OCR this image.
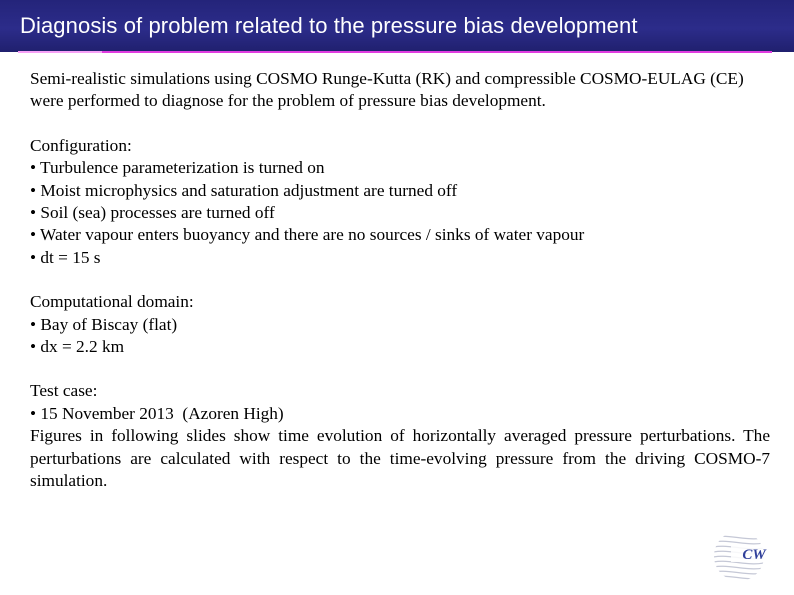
Diagnosis of problem related to the pressure bias development

Semi-realistic simulations using COSMO Runge-Kutta (RK) and compressible COSMO-EULAG (CE) were performed to diagnose for the problem of pressure bias development.

Configuration:
• Turbulence parameterization is turned on
• Moist microphysics and saturation adjustment are turned off
• Soil (sea) processes are turned off
• Water vapour enters buoyancy and there are no sources / sinks of water vapour
• dt = 15 s
Computational domain:
• Bay of Biscay (flat)
• dx = 2.2 km
Test case:
• 15 November 2013  (Azoren High)

Figures in following slides show time evolution of horizontally averaged pressure perturbations. The perturbations are calculated with respect to the time-evolving pressure from the driving COSMO-7 simulation.

CW
